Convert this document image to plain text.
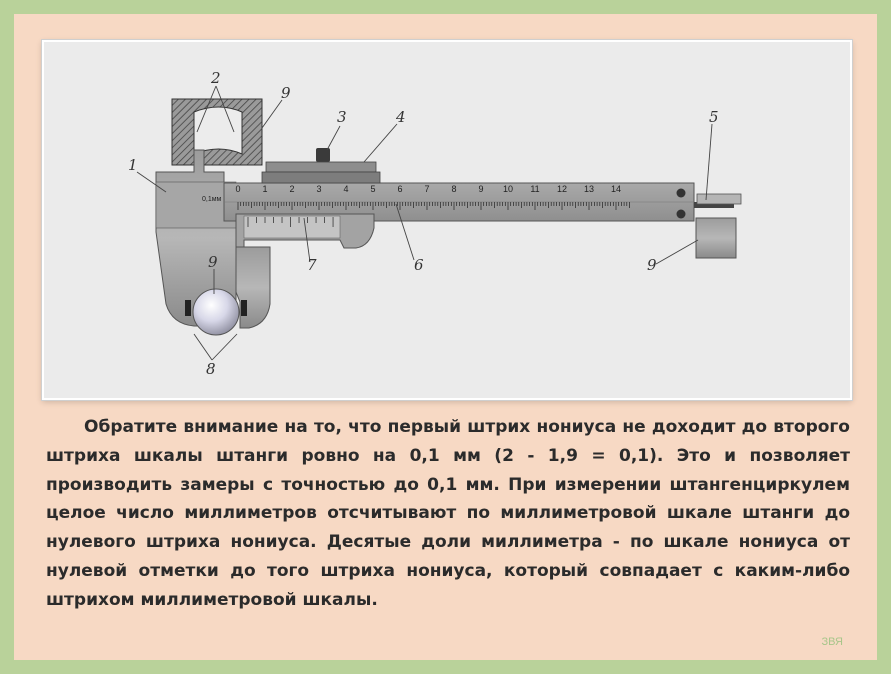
0 1 2 3 4 5 6 7 8 9 10 11 12 13 14
0,1мм
2
9
3	4	5
1
9	7	6	9
8

Обратите внимание на то, что первый штрих нониуса не доходит до второго штриха шкалы штанги ровно на 0,1 мм (2 - 1,9 = 0,1). Это и позволяет производить замеры с точностью до 0,1 мм. При измерении штангенциркулем целое число миллиметров отсчитывают по миллиметровой шкале штанги до нулевого штриха нониуса. Десятые доли миллиметра - по шкале нониуса от нулевой отметки до того штриха нониуса, который совпадает с каким-либо штрихом миллиметровой шкалы.

ЗВЯ
